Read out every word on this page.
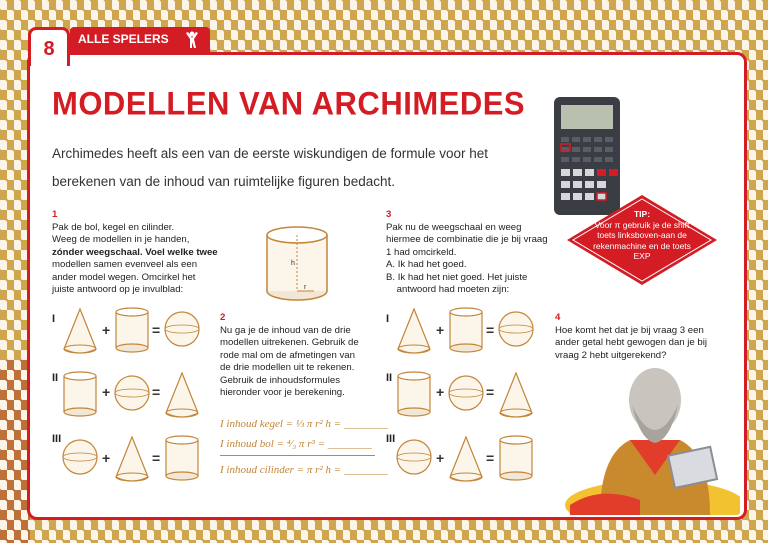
8	ALLE SPELERS
MODELLEN VAN ARCHIMEDES
Archimedes heeft als een van de eerste wiskundigen de formule voor het berekenen van de inhoud van ruimtelijke figuren bedacht.
TIP:
Voor π gebruik je de shift toets linksboven-aan de rekenmachine en de toets EXP
1
Pak de bol, kegel en cilinder.
Weeg de modellen in je handen,
zónder weegschaal. Voel welke twee
modellen samen evenveel als een
ander model wegen. Omcirkel het
juiste antwoord op je invulblad:
h
r
3
Pak nu de weegschaal en weeg
hiermee de combinatie die je bij vraag
1 had omcirkeld.
A. Ik had het goed.
B. Ik had het niet goed. Het juiste
antwoord had moeten zijn:
2
Nu ga je de inhoud van de drie
modellen uitrekenen. Gebruik de
rode mal om de afmetingen van
de drie modellen uit te rekenen.
Gebruik de inhoudsformules
hieronder voor je berekening.
4
Hoe komt het dat je bij vraag 3 een
ander getal hebt gewogen dan je bij
vraag 2 hebt uitgerekend?
I inhoud kegel = ⅓ π r² h = ________
I inhoud bol = ⁴⁄₃ π r³ = ________
I inhoud cilinder = π r² h = ________
I
II
III
I
II
III
+	=
+	=
+	=
+	=
+	=
+	=
